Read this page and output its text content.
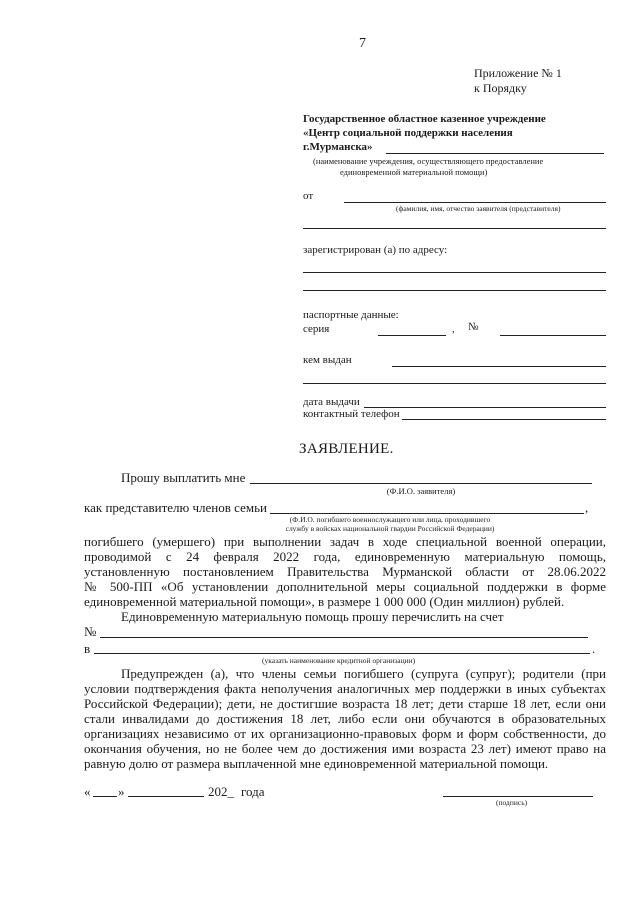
7
Приложение № 1
к Порядку
Государственное областное казенное учреждение
«Центр социальной поддержки населения
г.Мурманска»
(наименование учреждения, осуществляющего предоставление
единовременной материальной помощи)
от
(фамилия, имя, отчество заявителя (представителя)
зарегистрирован (а) по адресу:
паспортные данные:
серия	, №
кем выдан
дата выдачи
контактный телефон
ЗАЯВЛЕНИЕ.
Прошу выплатить мне
(Ф.И.О. заявителя)
как представителю членов семьи	,
(Ф.И.О. погибшего военнослужащего или лица, проходившего
службу в войсках национальной гвардии Российской Федерации)
погибшего (умершего) при выполнении задач в ходе специальной военной операции,
проводимой с 24 февраля 2022 года, единовременную материальную помощь,
установленную постановлением Правительства Мурманской области от 28.06.2022
№ 500-ПП «Об установлении дополнительной меры социальной поддержки в форме
единовременной материальной помощи», в размере 1 000 000 (Один миллион) рублей.
Единовременную материальную помощь прошу перечислить на счет
№
в	.
(указать наименование кредитной организации)
Предупрежден (а), что члены семьи погибшего (супруга (супруг); родители (при
условии подтверждения факта неполучения аналогичных мер поддержки в иных субъектах
Российской Федерации); дети, не достигшие возраста 18 лет; дети старше 18 лет, если они
стали инвалидами до достижения 18 лет, либо если они обучаются в образовательных
организациях независимо от их организационно-правовых форм и форм собственности, до
окончания обучения, но не более чем до достижения ими возраста 23 лет) имеют право на
равную долю от размера выплаченной мне единовременной материальной помощи.
« »	202_ года
(подпись)
